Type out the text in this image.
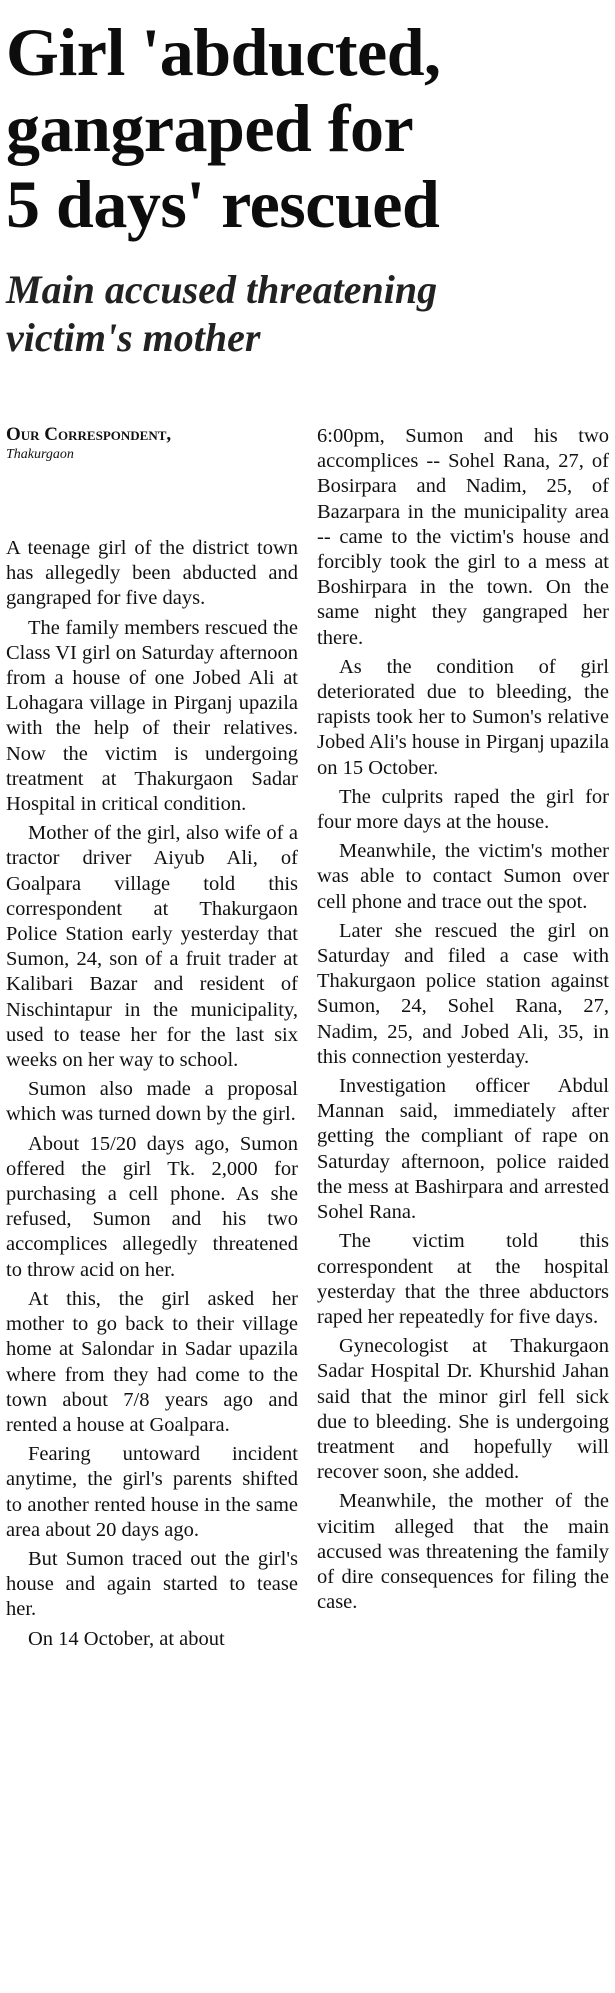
Girl 'abducted,
gangraped for
5 days' rescued
Main accused threatening
victim's mother

Our Correspondent,

Thakurgaon

A teenage girl of the district town has allegedly been abducted and gangraped for five days.

The family members rescued the Class VI girl on Saturday afternoon from a house of one Jobed Ali at Lohagara village in Pirganj upazila with the help of their relatives. Now the victim is undergoing treatment at Thakurgaon Sadar Hospital in critical condition.

Mother of the girl, also wife of a tractor driver Aiyub Ali, of Goalpara village told this correspondent at Thakurgaon Police Station early yesterday that Sumon, 24, son of a fruit trader at Kalibari Bazar and resident of Nischintapur in the municipality, used to tease her for the last six weeks on her way to school.

Sumon also made a proposal which was turned down by the girl.

About 15/20 days ago, Sumon offered the girl Tk. 2,000 for purchasing a cell phone. As she refused, Sumon and his two accomplices allegedly threatened to throw acid on her.

At this, the girl asked her mother to go back to their village home at Salondar in Sadar upazila where from they had come to the town about 7/8 years ago and rented a house at Goalpara.

Fearing untoward incident anytime, the girl's parents shifted to another rented house in the same area about 20 days ago.

But Sumon traced out the girl's house and again started to tease her.

On 14 October, at about

6:00pm, Sumon and his two accomplices -- Sohel Rana, 27, of Bosirpara and Nadim, 25, of Bazarpara in the municipality area -- came to the victim's house and forcibly took the girl to a mess at Boshirpara in the town. On the same night they gangraped her there.

As the condition of girl deteriorated due to bleeding, the rapists took her to Sumon's relative Jobed Ali's house in Pirganj upazila on 15 October.

The culprits raped the girl for four more days at the house.

Meanwhile, the victim's mother was able to contact Sumon over cell phone and trace out the spot.

Later she rescued the girl on Saturday and filed a case with Thakurgaon police station against Sumon, 24, Sohel Rana, 27, Nadim, 25, and Jobed Ali, 35, in this connection yesterday.

Investigation officer Abdul Mannan said, immediately after getting the compliant of rape on Saturday afternoon, police raided the mess at Bashirpara and arrested Sohel Rana.

The victim told this correspondent at the hospital yesterday that the three abductors raped her repeatedly for five days.

Gynecologist at Thakurgaon Sadar Hospital Dr. Khurshid Jahan said that the minor girl fell sick due to bleeding. She is undergoing treatment and hopefully will recover soon, she added.

Meanwhile, the mother of the vicitim alleged that the main accused was threatening the family of dire consequences for filing the case.
